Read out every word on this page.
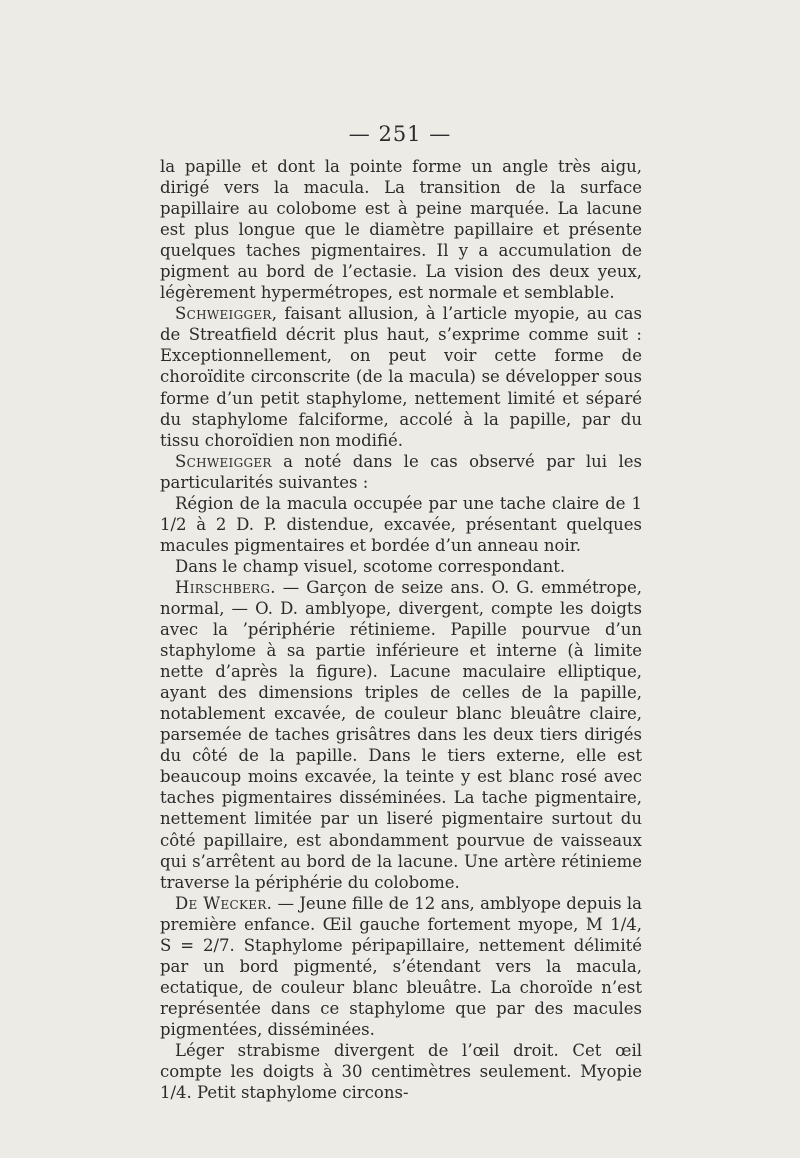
— 251 —

la papille et dont la pointe forme un angle très aigu, dirigé vers la macula. La transition de la surface papillaire au colobome est à peine marquée. La lacune est plus longue que le diamètre papillaire et présente quelques taches pigmentaires. Il y a accumulation de pigment au bord de l’ectasie. La vision des deux yeux, légèrement hypermétropes, est normale et semblable.

Schweigger, faisant allusion, à l’article myopie, au cas de Streatfield décrit plus haut, s’exprime comme suit : Exceptionnellement, on peut voir cette forme de choroïdite circonscrite (de la macula) se développer sous forme d’un petit staphylome, nettement limité et séparé du staphylome falciforme, accolé à la papille, par du tissu choroïdien non modifié.

Schweigger a noté dans le cas observé par lui les particularités suivantes :

Région de la macula occupée par une tache claire de 1 1/2 à 2 D. P. distendue, excavée, présentant quelques macules pigmentaires et bordée d’un anneau noir.

Dans le champ visuel, scotome correspondant.

Hirschberg. — Garçon de seize ans. O. G. emmétrope, normal, — O. D. amblyope, divergent, compte les doigts avec la ’périphérie rétinieme. Papille pourvue d’un staphylome à sa partie inférieure et interne (à limite nette d’après la figure). Lacune maculaire elliptique, ayant des dimensions triples de celles de la papille, notablement excavée, de couleur blanc bleuâtre claire, parsemée de taches grisâtres dans les deux tiers dirigés du côté de la papille. Dans le tiers externe, elle est beaucoup moins excavée, la teinte y est blanc rosé avec taches pigmentaires disséminées. La tache pigmentaire, nettement limitée par un liseré pigmentaire surtout du côté papillaire, est abondamment pourvue de vaisseaux qui s’arrêtent au bord de la lacune. Une artère rétinieme traverse la périphérie du colobome.

De Wecker. — Jeune fille de 12 ans, amblyope depuis la première enfance. Œil gauche fortement myope, M 1/4, S = 2/7. Staphylome péripapillaire, nettement délimité par un bord pigmenté, s’étendant vers la macula, ectatique, de couleur blanc bleuâtre. La choroïde n’est représentée dans ce staphylome que par des macules pigmentées, disséminées.

Léger strabisme divergent de l’œil droit. Cet œil compte les doigts à 30 centimètres seulement. Myopie 1/4. Petit staphylome circons-
